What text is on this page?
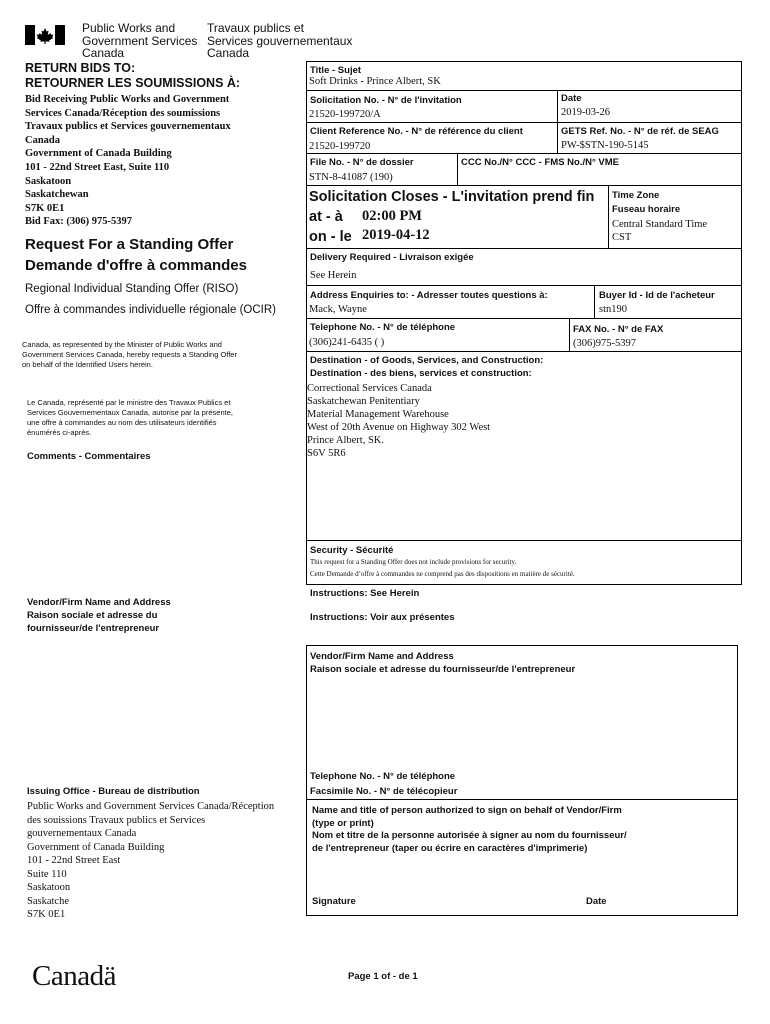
Public Works and
Government Services
Canada
Travaux publics et
Services gouvernementaux
Canada
RETURN BIDS TO:
RETOURNER LES SOUMISSIONS À:
Bid Receiving Public Works and Government
Services Canada/Réception des soumissions
Travaux publics et Services gouvernementaux
Canada
Government of Canada Building
101 - 22nd Street East, Suite 110
Saskatoon
Saskatchewan
S7K 0E1
Bid Fax: (306) 975-5397
Request For a Standing Offer
Demande d'offre à commandes
Regional Individual Standing Offer (RISO)
Offre à commandes individuelle régionale (OCIR)
Canada, as represented by the Minister of Public Works and
Government Services Canada, hereby requests a Standing Offer
on behalf of the Identified Users herein.
Le Canada, représenté par le ministre des Travaux Publics et
Services Gouvernementaux Canada, autorise par la présente,
une offre à commandes au nom des utilisateurs identifiés
énumérés ci-après.
Comments - Commentaires
Vendor/Firm Name and Address
Raison sociale et adresse du
fournisseur/de l'entrepreneur
Issuing Office - Bureau de distribution
Public Works and Government Services Canada/Réception
des souissions Travaux publics et Services
gouvernementaux Canada
Government of Canada Building
101 - 22nd Street East
Suite 110
Saskatoon
Saskatche
S7K 0E1
Title - Sujet
Soft Drinks - Prince Albert, SK
Solicitation No. - N° de l'invitation
21520-199720/A
Date
2019-03-26
Client Reference No. - N° de référence du client
21520-199720
GETS Ref. No. - N° de réf. de SEAG
PW-$STN-190-5145
File No. - N° de dossier
STN-8-41087 (190)
CCC No./N° CCC - FMS No./N° VME
Solicitation Closes - L'invitation prend fin
at - à 02:00 PM
on - le 2019-04-12
Time Zone
Fuseau horaire
Central Standard Time
CST
Delivery Required - Livraison exigée
See Herein
Address Enquiries to: - Adresser toutes questions à:
Mack, Wayne
Buyer Id - Id de l'acheteur
stn190
Telephone No. - N° de téléphone
(306)241-6435 ( )
FAX No. - N° de FAX
(306)975-5397
Destination - of Goods, Services, and Construction:
Destination - des biens, services et construction:
Correctional Services Canada
Saskatchewan Penitentiary
Material Management Warehouse
West of 20th Avenue on Highway 302 West
Prince Albert, SK.
S6V 5R6
Security - Sécurité
This request for a Standing Offer does not include provisions for security.
Cette Demande d’offre à commandes ne comprend pas des dispositions en matière de sécurité.
Instructions: See Herein
Instructions: Voir aux présentes
Vendor/Firm Name and Address
Raison sociale et adresse du fournisseur/de l'entrepreneur
Telephone No. - N° de téléphone
Facsimile No. - N° de télécopieur
Name and title of person authorized to sign on behalf of Vendor/Firm
(type or print)
Nom et titre de la personne autorisée à signer au nom du fournisseur/
de l'entrepreneur (taper ou écrire en caractères d'imprimerie)
Signature	Date
Canadä	Page 1 of - de 1
